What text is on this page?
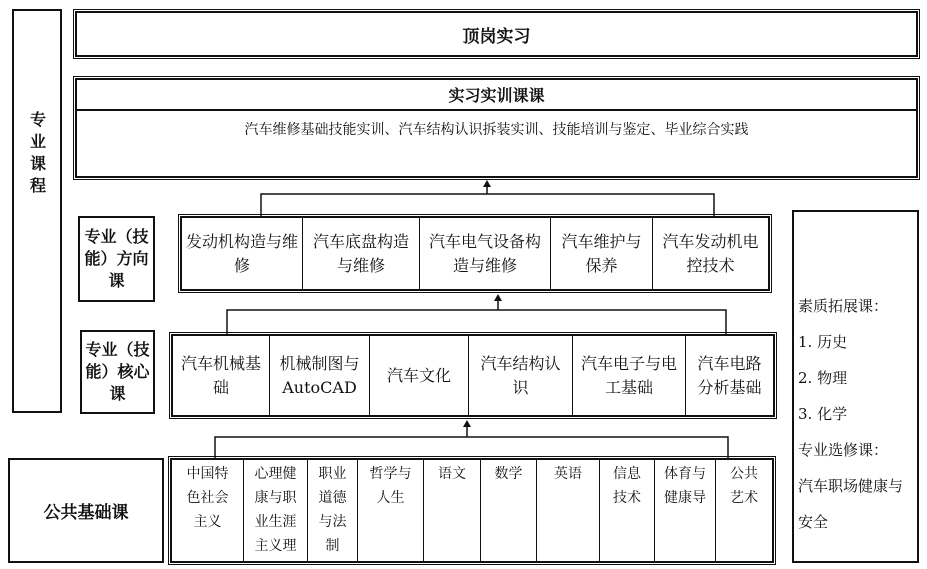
专业课程
顶岗实习
实习实训课课
汽车维修基础技能实训、汽车结构认识拆装实训、技能培训与鉴定、毕业综合实践
专业（技能）方向课
发动机构造与维修
汽车底盘构造与维修
汽车电气设备构造与维修
汽车维护与保养
汽车发动机电控技术
专业（技能）核心课
汽车机械基础
机械制图与 AutoCAD
汽车文化
汽车结构认识
汽车电子与电工基础
汽车电路分析基础
公共基础课
中国特
色社会
主义
心理健
康与职
业生涯
主义理
职业
道德
与法
制
哲学与
人生
语文	数学	英语	信息
技术
体育与
健康导
公共
艺术
素质拓展课：
1. 历史
2. 物理
3. 化学
专业选修课：
汽车职场健康与安全
